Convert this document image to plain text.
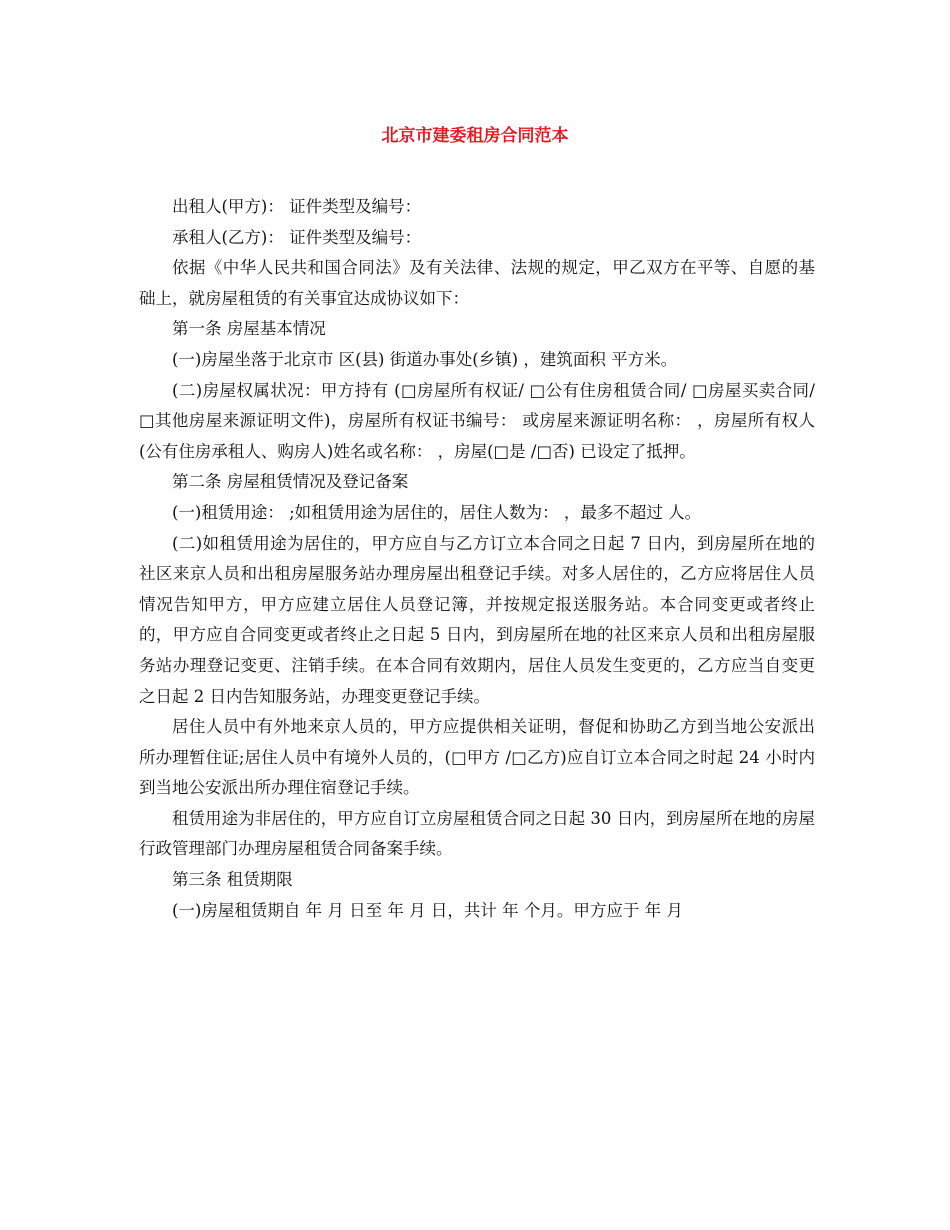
北京市建委租房合同范本

出租人(甲方)： 证件类型及编号：

承租人(乙方)： 证件类型及编号：

依据《中华人民共和国合同法》及有关法律、法规的规定，甲乙双方在平等、自愿的基础上，就房屋租赁的有关事宜达成协议如下：

第一条 房屋基本情况

(一)房屋坐落于北京市 区(县) 街道办事处(乡镇) ，建筑面积 平方米。

(二)房屋权属状况：甲方持有 (□房屋所有权证/ □公有住房租赁合同/ □房屋买卖合同/ □其他房屋来源证明文件)，房屋所有权证书编号： 或房屋来源证明名称： ，房屋所有权人(公有住房承租人、购房人)姓名或名称： ，房屋(□是 /□否) 已设定了抵押。

第二条 房屋租赁情况及登记备案

(一)租赁用途： ;如租赁用途为居住的，居住人数为： ，最多不超过 人。

(二)如租赁用途为居住的，甲方应自与乙方订立本合同之日起 7 日内，到房屋所在地的社区来京人员和出租房屋服务站办理房屋出租登记手续。对多人居住的，乙方应将居住人员情况告知甲方，甲方应建立居住人员登记簿，并按规定报送服务站。本合同变更或者终止的，甲方应自合同变更或者终止之日起 5 日内，到房屋所在地的社区来京人员和出租房屋服务站办理登记变更、注销手续。在本合同有效期内，居住人员发生变更的，乙方应当自变更之日起 2 日内告知服务站，办理变更登记手续。

居住人员中有外地来京人员的，甲方应提供相关证明，督促和协助乙方到当地公安派出所办理暂住证;居住人员中有境外人员的，(□甲方 /□乙方)应自订立本合同之时起 24 小时内到当地公安派出所办理住宿登记手续。

租赁用途为非居住的，甲方应自订立房屋租赁合同之日起 30 日内，到房屋所在地的房屋行政管理部门办理房屋租赁合同备案手续。

第三条 租赁期限

(一)房屋租赁期自 年 月 日至 年 月 日，共计 年 个月。甲方应于 年 月
